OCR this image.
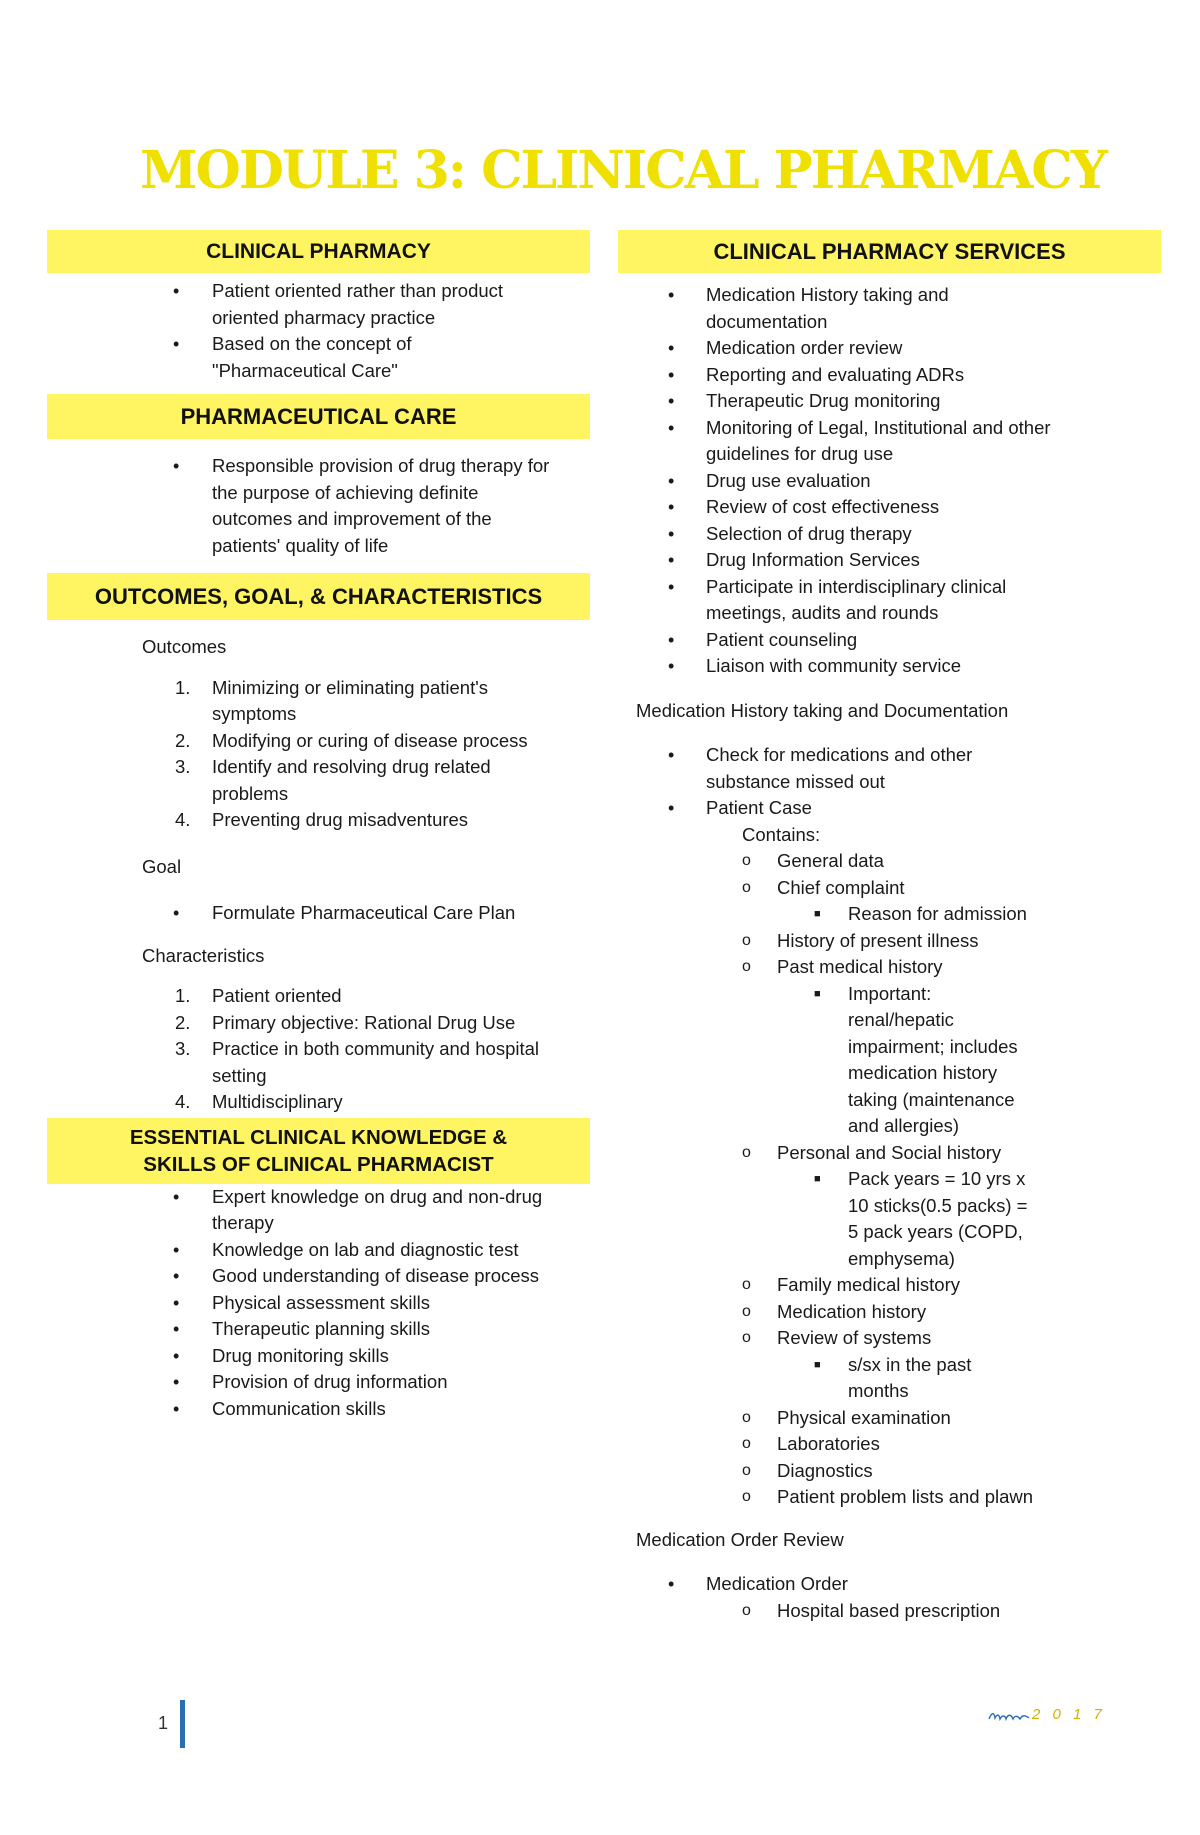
MODULE 3: CLINICAL PHARMACY
CLINICAL PHARMACY
• Patient oriented rather than product oriented pharmacy practice
• Based on the concept of "Pharmaceutical Care"
PHARMACEUTICAL CARE
• Responsible provision of drug therapy for the purpose of achieving definite outcomes and improvement of the patients' quality of life
OUTCOMES, GOAL, & CHARACTERISTICS
Outcomes
1. Minimizing or eliminating patient's symptoms
2. Modifying or curing of disease process
3. Identify and resolving drug related problems
4. Preventing drug misadventures
Goal
• Formulate Pharmaceutical Care Plan
Characteristics
1. Patient oriented
2. Primary objective: Rational Drug Use
3. Practice in both community and hospital setting
4. Multidisciplinary
ESSENTIAL CLINICAL KNOWLEDGE & SKILLS OF CLINICAL PHARMACIST
• Expert knowledge on drug and non-drug therapy
• Knowledge on lab and diagnostic test
• Good understanding of disease process
• Physical assessment skills
• Therapeutic planning skills
• Drug monitoring skills
• Provision of drug information
• Communication skills
CLINICAL PHARMACY SERVICES
• Medication History taking and documentation
• Medication order review
• Reporting and evaluating ADRs
• Therapeutic Drug monitoring
• Monitoring of Legal, Institutional and other guidelines for drug use
• Drug use evaluation
• Review of cost effectiveness
• Selection of drug therapy
• Drug Information Services
• Participate in interdisciplinary clinical meetings, audits and rounds
• Patient counseling
• Liaison with community service
Medication History taking and Documentation
• Check for medications and other substance missed out
• Patient Case
Contains:
o General data
o Chief complaint
■ Reason for admission
o History of present illness
o Past medical history
■ Important: renal/hepatic impairment; includes medication history taking (maintenance and allergies)
o Personal and Social history
■ Pack years = 10 yrs x 10 sticks(0.5 packs) = 5 pack years (COPD, emphysema)
o Family medical history
o Medication history
o Review of systems
■ s/sx in the past months
o Physical examination
o Laboratories
o Diagnostics
o Patient problem lists and plawn
Medication Order Review
• Medication Order
o Hospital based prescription
1	2 0 1 7
